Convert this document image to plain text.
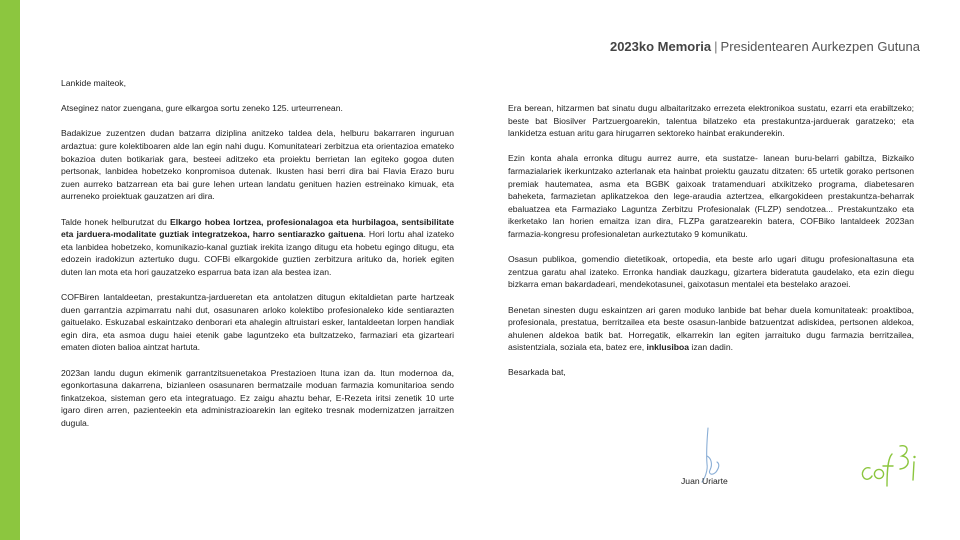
2023ko Memoria | Presidentearen Aurkezpen Gutuna

Lankide maiteok,

Atseginez nator zuengana, gure elkargoa sortu zeneko 125. urteurrenean.

Badakizue zuzentzen dudan batzarra diziplina anitzeko taldea dela, helburu bakarraren inguruan ardaztua: gure kolektiboaren alde lan egin nahi dugu. Komunitateari zerbitzua eta orientazioa emateko bokazioa duten botikariak gara, besteei aditzeko eta proiektu berrietan lan egiteko gogoa duten pertsonak, lanbidea hobetzeko konpromisoa dutenak. Ikusten hasi berri dira bai Flavia Erazo buru zuen aurreko batzarrean eta bai gure lehen urtean landatu genituen hazien estreinako kimuak, eta aurreneko proiektuak gauzatzen ari dira.

Talde honek helburutzat du Elkargo hobea lortzea, profesionalagoa eta hurbilagoa, sentsibilitate eta jarduera-modalitate guztiak integratzekoa, harro sentiarazko gaituena. Hori lortu ahal izateko eta lanbidea hobetzeko, komunikazio-kanal guztiak irekita izango ditugu eta hobetu egingo ditugu, eta edozein iradokizun aztertuko dugu. COFBi elkargokide guztien zerbitzura arituko da, horiek egiten duten lan mota eta hori gauzatzeko esparrua bata izan ala bestea izan.

COFBiren lantaldeetan, prestakuntza-jardueretan eta antolatzen ditugun ekitaldietan parte hartzeak duen garrantzia azpimarratu nahi dut, osasunaren arloko kolektibo profesionaleko kide sentiarazten gaituelako. Eskuzabal eskaintzako denborari eta ahalegin altruistari esker, lantaldeetan lorpen handiak egin dira, eta asmoa dugu haiei etenik gabe laguntzeko eta bultzatzeko, farmaziari eta gizarteari ematen dioten balioa aintzat hartuta.

2023an landu dugun ekimenik garrantzitsuenetakoa Prestazioen Ituna izan da. Itun modernoa da, egonkortasuna dakarrena, bizianleen osasunaren bermatzaile moduan farmazia komunitarioa sendo finkatzekoa, sisteman gero eta integratuago. Ez zaigu ahaztu behar, E-Rezeta iritsi zenetik 10 urte igaro diren arren, pazienteekin eta administrazioarekin lan egiteko tresnak modernizatzen jarraitzen dugula.

Era berean, hitzarmen bat sinatu dugu albaitaritzako errezeta elektronikoa sustatu, ezarri eta erabiltzeko; beste bat Biosilver Partzuergoarekin, talentua bilatzeko eta prestakuntza-jarduerak garatzeko; eta lankidetza estuan aritu gara hirugarren sektoreko hainbat erakunderekin.

Ezin konta ahala erronka ditugu aurrez aurre, eta sustatze- lanean buru-belarri gabiltza, Bizkaiko farmazialariek ikerkuntzako azterlanak eta hainbat proiektu gauzatu ditzaten: 65 urtetik gorako pertsonen premiak hautematea, asma eta BGBK gaixoak tratamenduari atxikitzeko programa, diabetesaren baheketa, farmazietan aplikatzekoa den lege-araudia aztertzea, elkargokideen prestakuntza-beharrak ebaluatzea eta Farmaziako Laguntza Zerbitzu Profesionalak (FLZP) sendotzea... Prestakuntzako eta ikerketako lan horien emaitza izan dira, FLZPa garatzearekin batera, COFBiko lantaldeek 2023an farmazia-kongresu profesionaletan aurkeztutako 9 komunikatu.

Osasun publikoa, gomendio dietetikoak, ortopedia, eta beste arlo ugari ditugu profesionaltasuna eta zentzua garatu ahal izateko. Erronka handiak dauzkagu, gizartera bideratuta gaudelako, eta ezin diegu bizkarra eman bakardadeari, mendekotasunei, gaixotasun mentalei eta bestelako arazoei.

Benetan sinesten dugu eskaintzen ari garen moduko lanbide bat behar duela komunitateak: proaktiboa, profesionala, prestatua, berritzailea eta beste osasun-lanbide batzuentzat adiskidea, pertsonen aldekoa, ahulenen aldekoa batik bat. Horregatik, elkarrekin lan egiten jarraituko dugu farmazia berritzailea, asistentziala, soziala eta, batez ere, inklusiboa izan dadin.

Besarkada bat,

Juan Uriarte
